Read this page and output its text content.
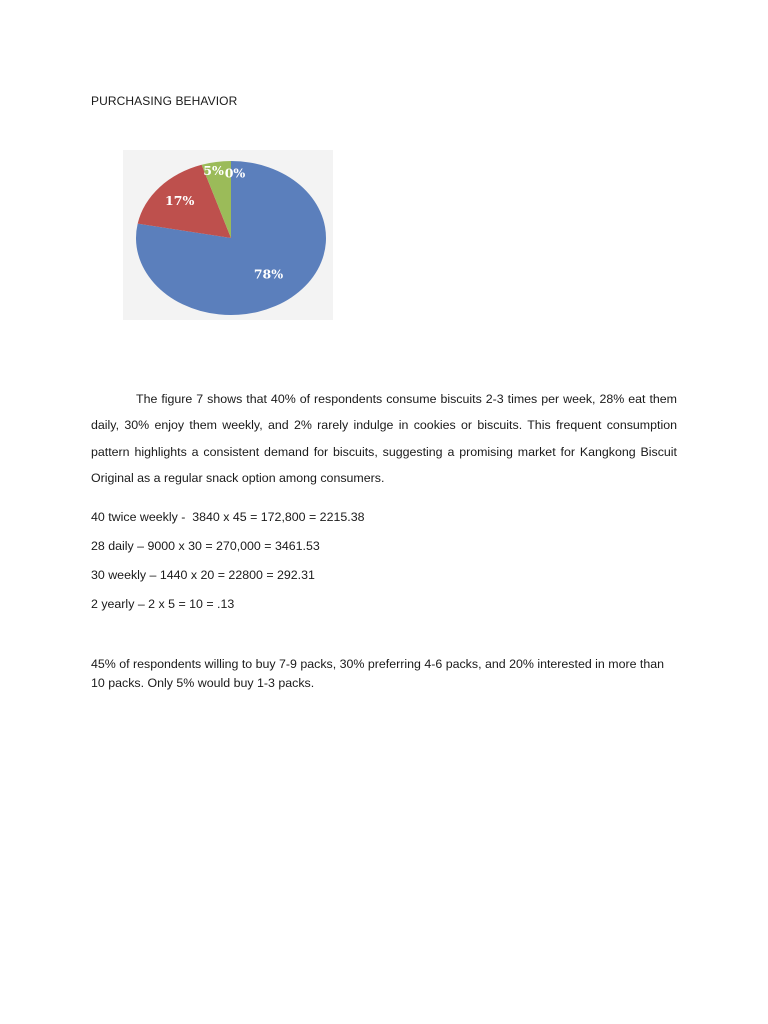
PURCHASING BEHAVIOR
78%
17%
5% 0%
The figure 7 shows that 40% of respondents consume biscuits 2-3 times per week, 28% eat them daily, 30% enjoy them weekly, and 2% rarely indulge in cookies or biscuits. This frequent consumption pattern highlights a consistent demand for biscuits, suggesting a promising market for Kangkong Biscuit Original as a regular snack option among consumers.
40 twice weekly -  3840 x 45 = 172,800 = 2215.38
28 daily – 9000 x 30 = 270,000 = 3461.53
30 weekly – 1440 x 20 = 22800 = 292.31
2 yearly – 2 x 5 = 10 = .13
45% of respondents willing to buy 7-9 packs, 30% preferring 4-6 packs, and 20% interested in more than 10 packs. Only 5% would buy 1-3 packs.
